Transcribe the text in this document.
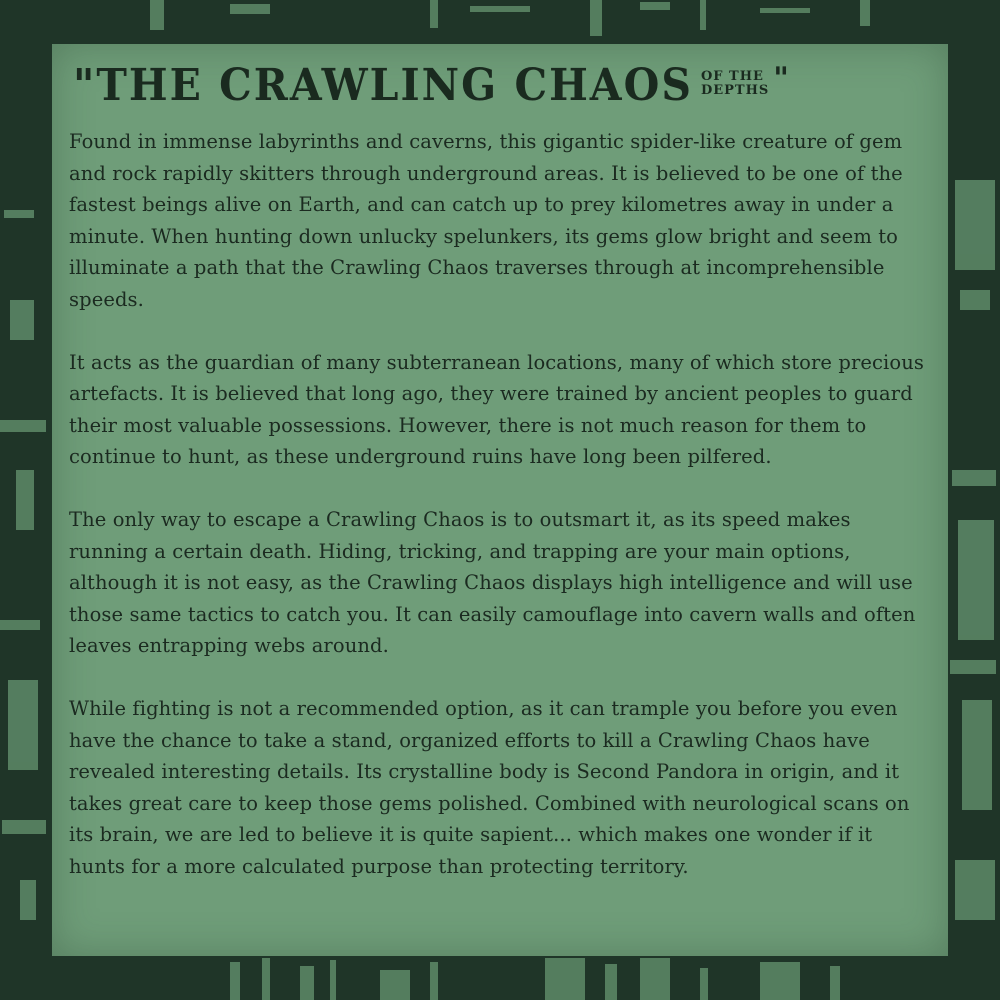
"THE CRAWLING CHAOS OF THE
DEPTHS "

Found in immense labyrinths and caverns, this gigantic spider-like creature of gem and rock rapidly skitters through underground areas. It is believed to be one of the fastest beings alive on Earth, and can catch up to prey kilometres away in under a minute. When hunting down unlucky spelunkers, its gems glow bright and seem to illuminate a path that the Crawling Chaos traverses through at incomprehensible speeds.

It acts as the guardian of many subterranean locations, many of which store precious artefacts. It is believed that long ago, they were trained by ancient peoples to guard their most valuable possessions. However, there is not much reason for them to continue to hunt, as these underground ruins have long been pilfered.

The only way to escape a Crawling Chaos is to outsmart it, as its speed makes running a certain death. Hiding, tricking, and trapping are your main options, although it is not easy, as the Crawling Chaos displays high intelligence and will use those same tactics to catch you. It can easily camouflage into cavern walls and often leaves entrapping webs around.

While fighting is not a recommended option, as it can trample you before you even have the chance to take a stand, organized efforts to kill a Crawling Chaos have revealed interesting details. Its crystalline body is Second Pandora in origin, and it takes great care to keep those gems polished. Combined with neurological scans on its brain, we are led to believe it is quite sapient... which makes one wonder if it hunts for a more calculated purpose than protecting territory.
